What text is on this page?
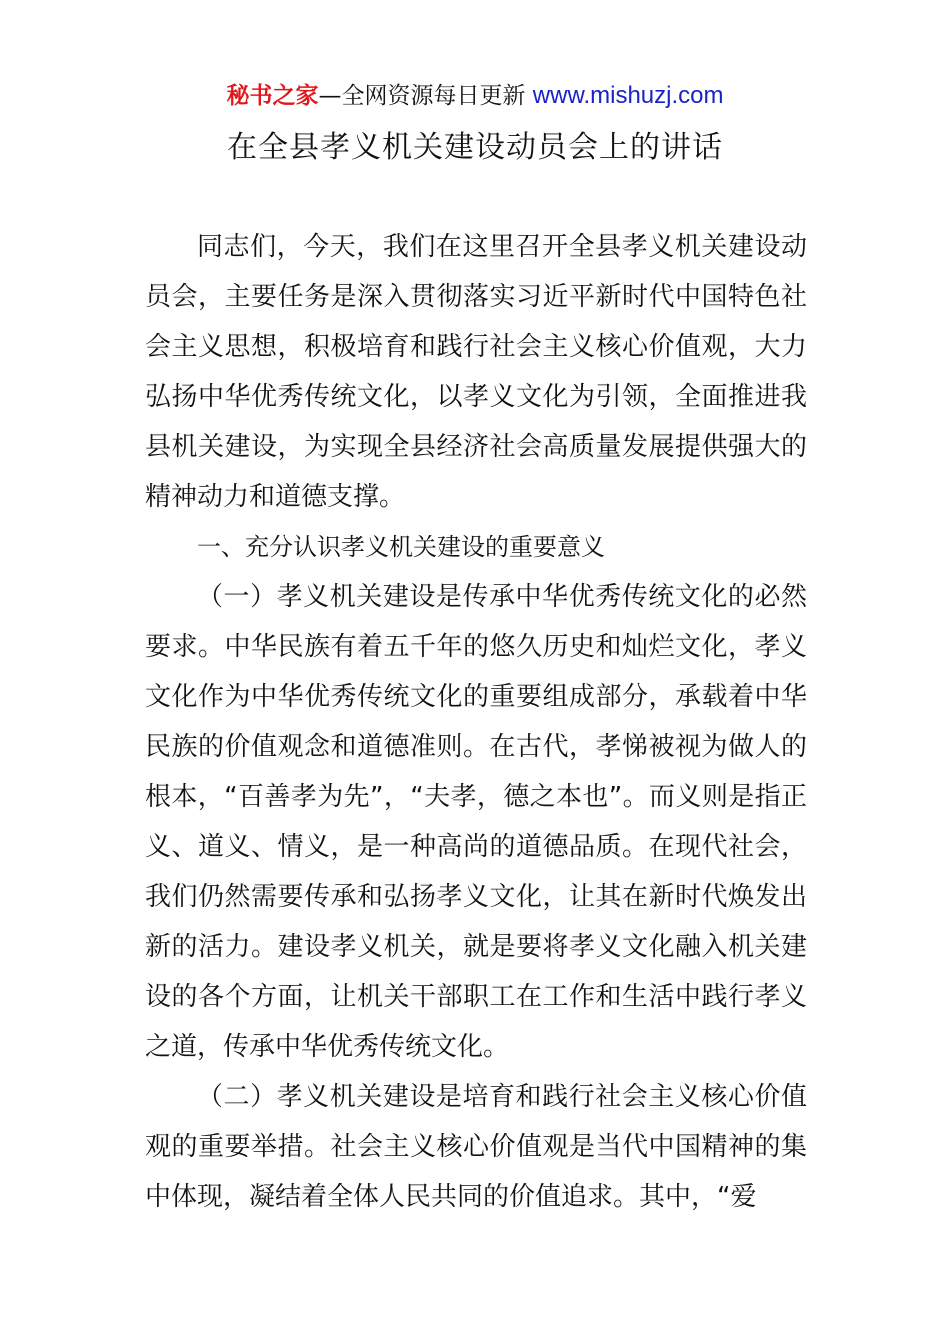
秘书之家—全网资源每日更新 www.mishuzj.com
在全县孝义机关建设动员会上的讲话

同志们，今天，我们在这里召开全县孝义机关建设动员会，主要任务是深入贯彻落实习近平新时代中国特色社会主义思想，积极培育和践行社会主义核心价值观，大力弘扬中华优秀传统文化，以孝义文化为引领，全面推进我县机关建设，为实现全县经济社会高质量发展提供强大的精神动力和道德支撑。

一、充分认识孝义机关建设的重要意义

（一）孝义机关建设是传承中华优秀传统文化的必然要求。中华民族有着五千年的悠久历史和灿烂文化，孝义文化作为中华优秀传统文化的重要组成部分，承载着中华民族的价值观念和道德准则。在古代，孝悌被视为做人的根本，“百善孝为先”，“夫孝，德之本也”。而义则是指正义、道义、情义，是一种高尚的道德品质。在现代社会，我们仍然需要传承和弘扬孝义文化，让其在新时代焕发出新的活力。建设孝义机关，就是要将孝义文化融入机关建设的各个方面，让机关干部职工在工作和生活中践行孝义之道，传承中华优秀传统文化。

（二）孝义机关建设是培育和践行社会主义核心价值观的重要举措。社会主义核心价值观是当代中国精神的集中体现，凝结着全体人民共同的价值追求。其中，“爱
